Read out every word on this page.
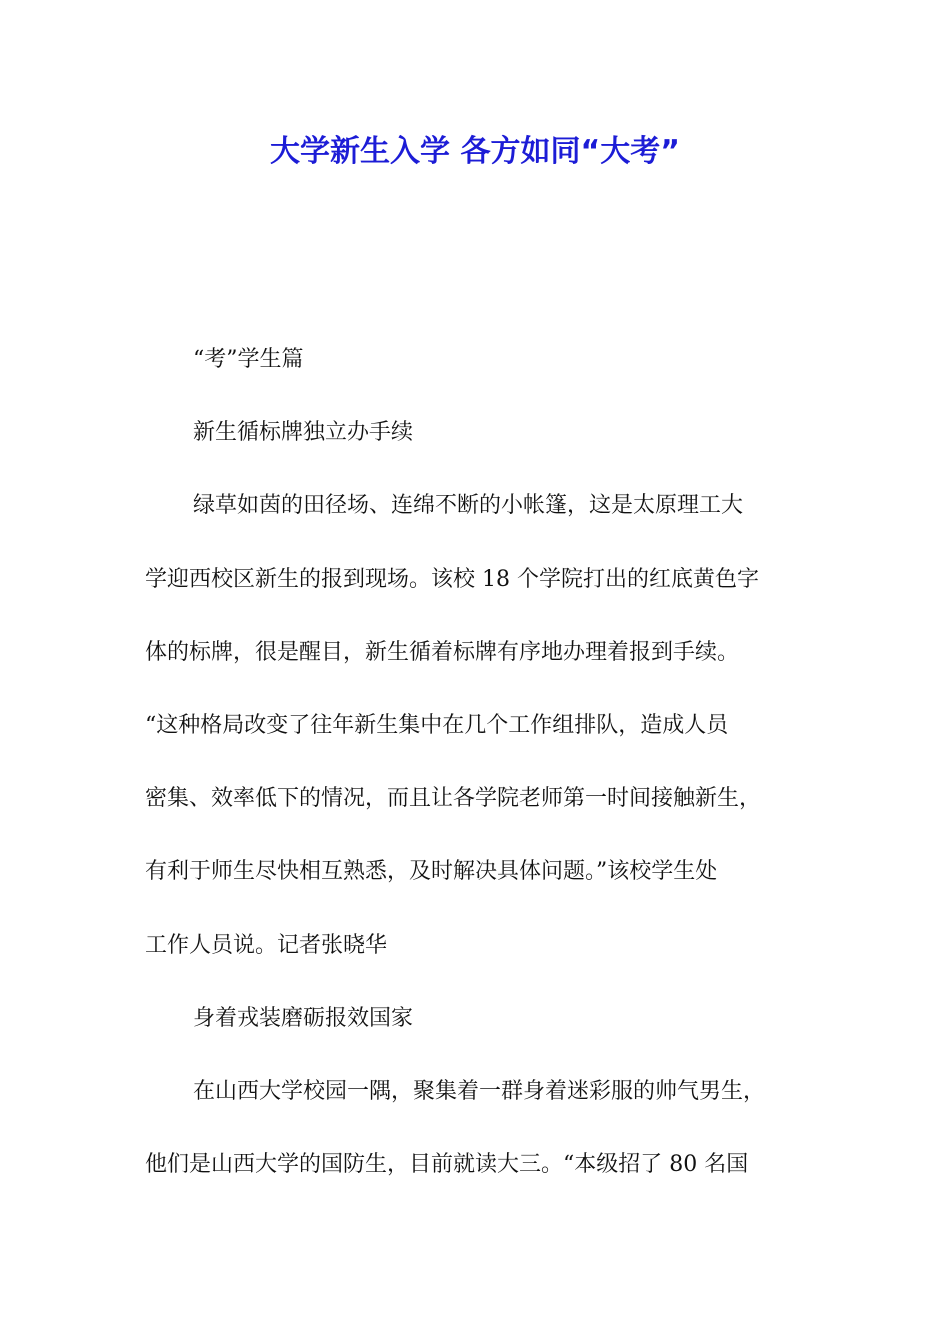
大学新生入学 各方如同“大考”

“考”学生篇

新生循标牌独立办手续

绿草如茵的田径场、连绵不断的小帐篷，这是太原理工大

学迎西校区新生的报到现场。该校 18 个学院打出的红底黄色字

体的标牌，很是醒目，新生循着标牌有序地办理着报到手续。

“这种格局改变了往年新生集中在几个工作组排队，造成人员

密集、效率低下的情况，而且让各学院老师第一时间接触新生，

有利于师生尽快相互熟悉，及时解决具体问题。”该校学生处

工作人员说。记者张晓华

身着戎装磨砺报效国家

在山西大学校园一隅，聚集着一群身着迷彩服的帅气男生，

他们是山西大学的国防生，目前就读大三。“本级招了 80 名国
